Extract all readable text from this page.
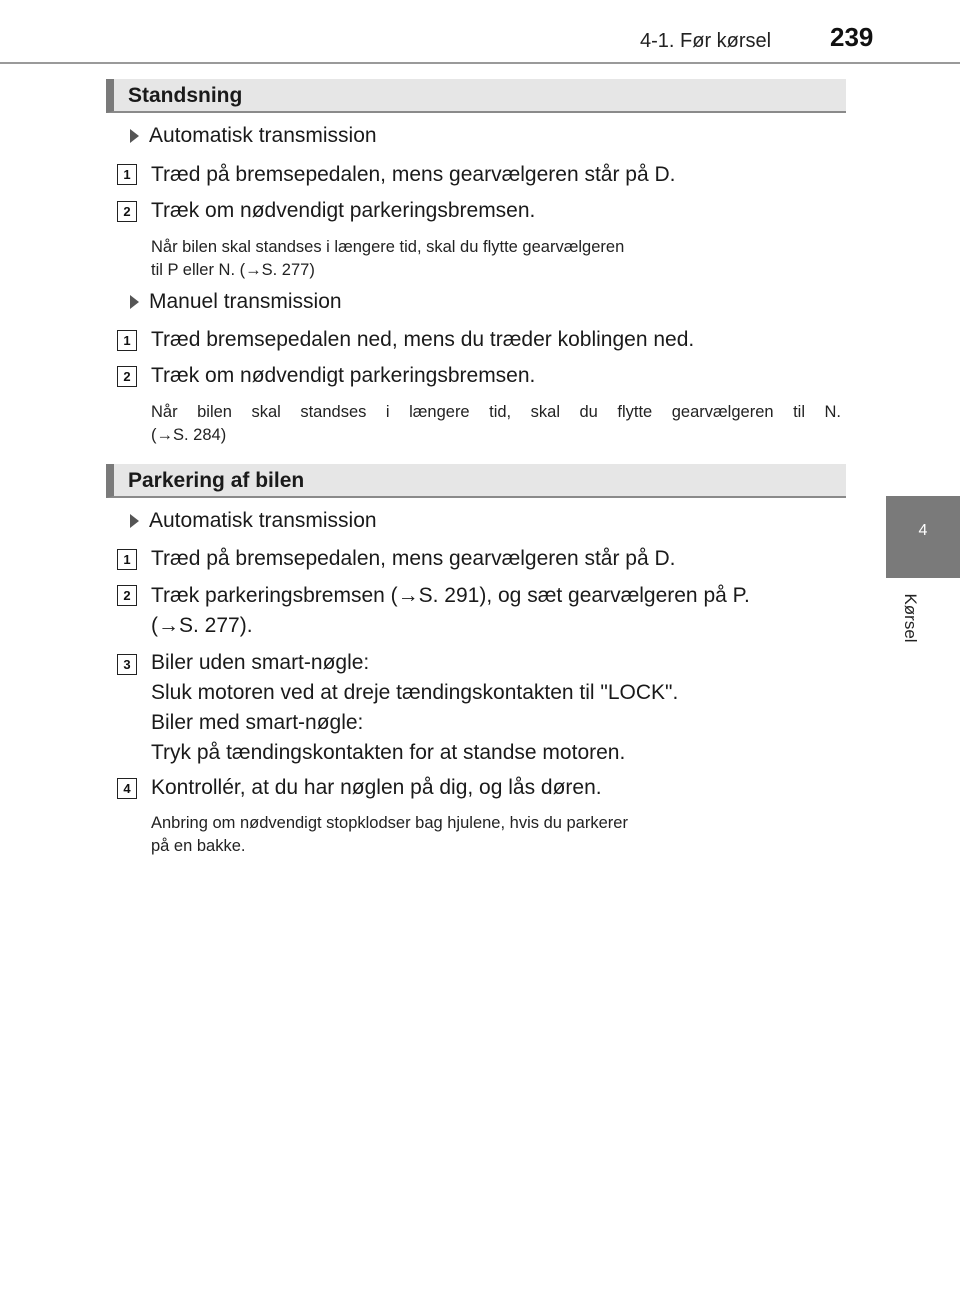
4-1. Før kørsel 239
4
Kørsel
Standsning
Automatisk transmission
1 Træd på bremsepedalen, mens gearvælgeren står på D.
2 Træk om nødvendigt parkeringsbremsen.
Når bilen skal standses i længere tid, skal du flytte gearvælgeren
til P eller N. (→S. 277)
Manuel transmission
1 Træd bremsepedalen ned, mens du træder koblingen ned.
2 Træk om nødvendigt parkeringsbremsen.
Når bilen skal standses i længere tid, skal du flytte gearvælgeren til N.
(→S. 284)
Parkering af bilen
Automatisk transmission
1 Træd på bremsepedalen, mens gearvælgeren står på D.
2 Træk parkeringsbremsen (→S. 291), og sæt gearvælgeren på P.
(→S. 277).
3 Biler uden smart-nøgle:
Sluk motoren ved at dreje tændingskontakten til "LOCK".
Biler med smart-nøgle:
Tryk på tændingskontakten for at standse motoren.
4 Kontrollér, at du har nøglen på dig, og lås døren.
Anbring om nødvendigt stopklodser bag hjulene, hvis du parkerer
på en bakke.
